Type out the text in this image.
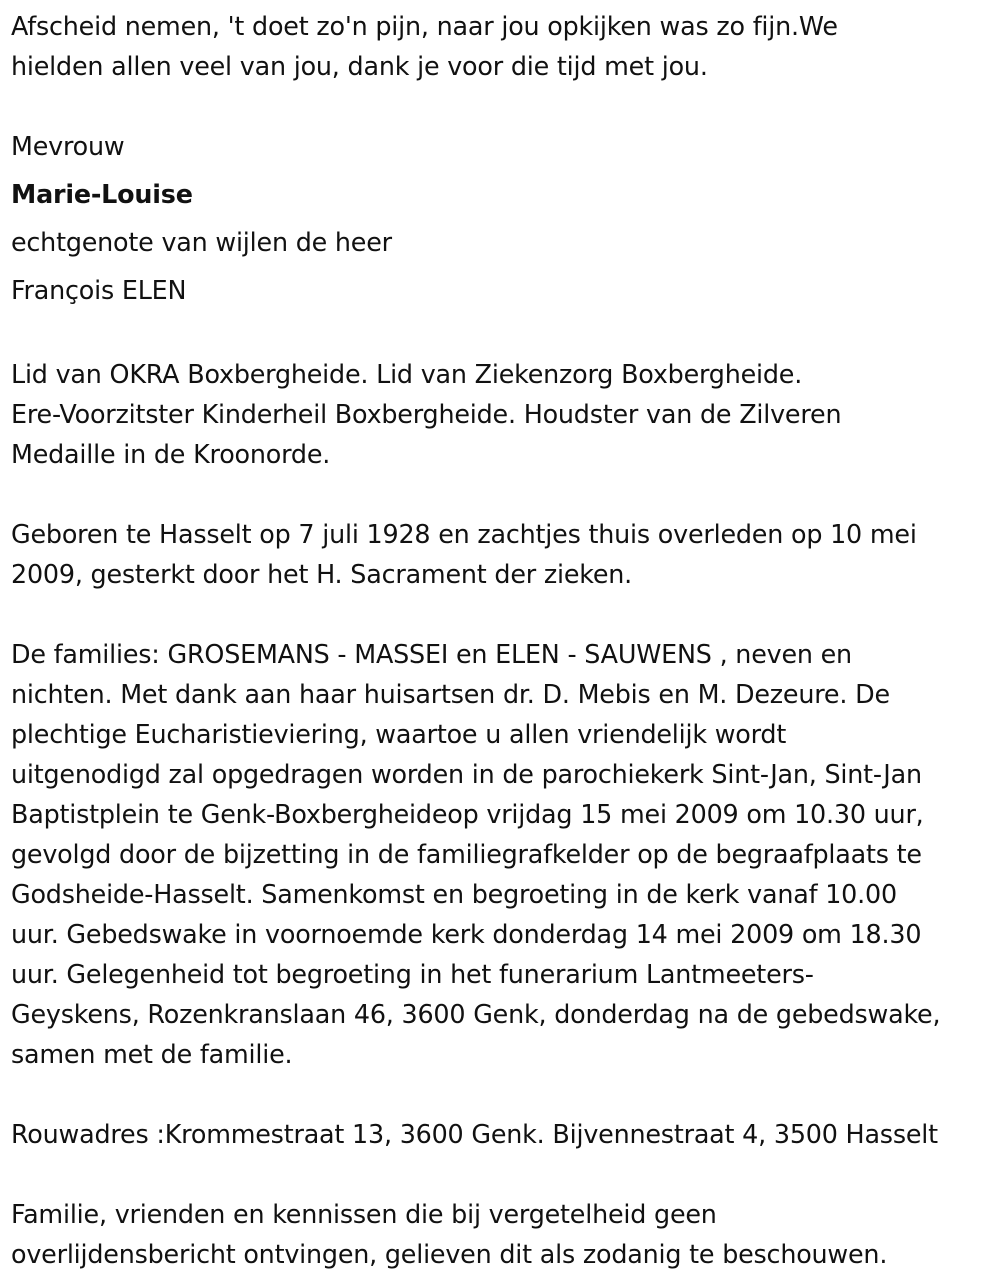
Afscheid nemen, 't doet zo'n pijn, naar jou opkijken was zo fijn.We
hielden allen veel van jou, dank je voor die tijd met jou.

Mevrouw

Marie-Louise

echtgenote van wijlen de heer

François ELEN

Lid van OKRA Boxbergheide. Lid van Ziekenzorg Boxbergheide.
Ere-Voorzitster Kinderheil Boxbergheide. Houdster van de Zilveren
Medaille in de Kroonorde.

Geboren te Hasselt op 7 juli 1928 en zachtjes thuis overleden op 10 mei
2009, gesterkt door het H. Sacrament der zieken.

De families: GROSEMANS - MASSEI en ELEN - SAUWENS , neven en
nichten. Met dank aan haar huisartsen dr. D. Mebis en M. Dezeure. De
plechtige Eucharistieviering, waartoe u allen vriendelijk wordt
uitgenodigd zal opgedragen worden in de parochiekerk Sint-Jan, Sint-Jan
Baptistplein te Genk-Boxbergheideop vrijdag 15 mei 2009 om 10.30 uur,
gevolgd door de bijzetting in de familiegrafkelder op de begraafplaats te
Godsheide-Hasselt. Samenkomst en begroeting in de kerk vanaf 10.00
uur. Gebedswake in voornoemde kerk donderdag 14 mei 2009 om 18.30
uur. Gelegenheid tot begroeting in het funerarium Lantmeeters-
Geyskens, Rozenkranslaan 46, 3600 Genk, donderdag na de gebedswake,
samen met de familie.

Rouwadres :Krommestraat 13, 3600 Genk. Bijvennestraat 4, 3500 Hasselt

Familie, vrienden en kennissen die bij vergetelheid geen
overlijdensbericht ontvingen, gelieven dit als zodanig te beschouwen.
